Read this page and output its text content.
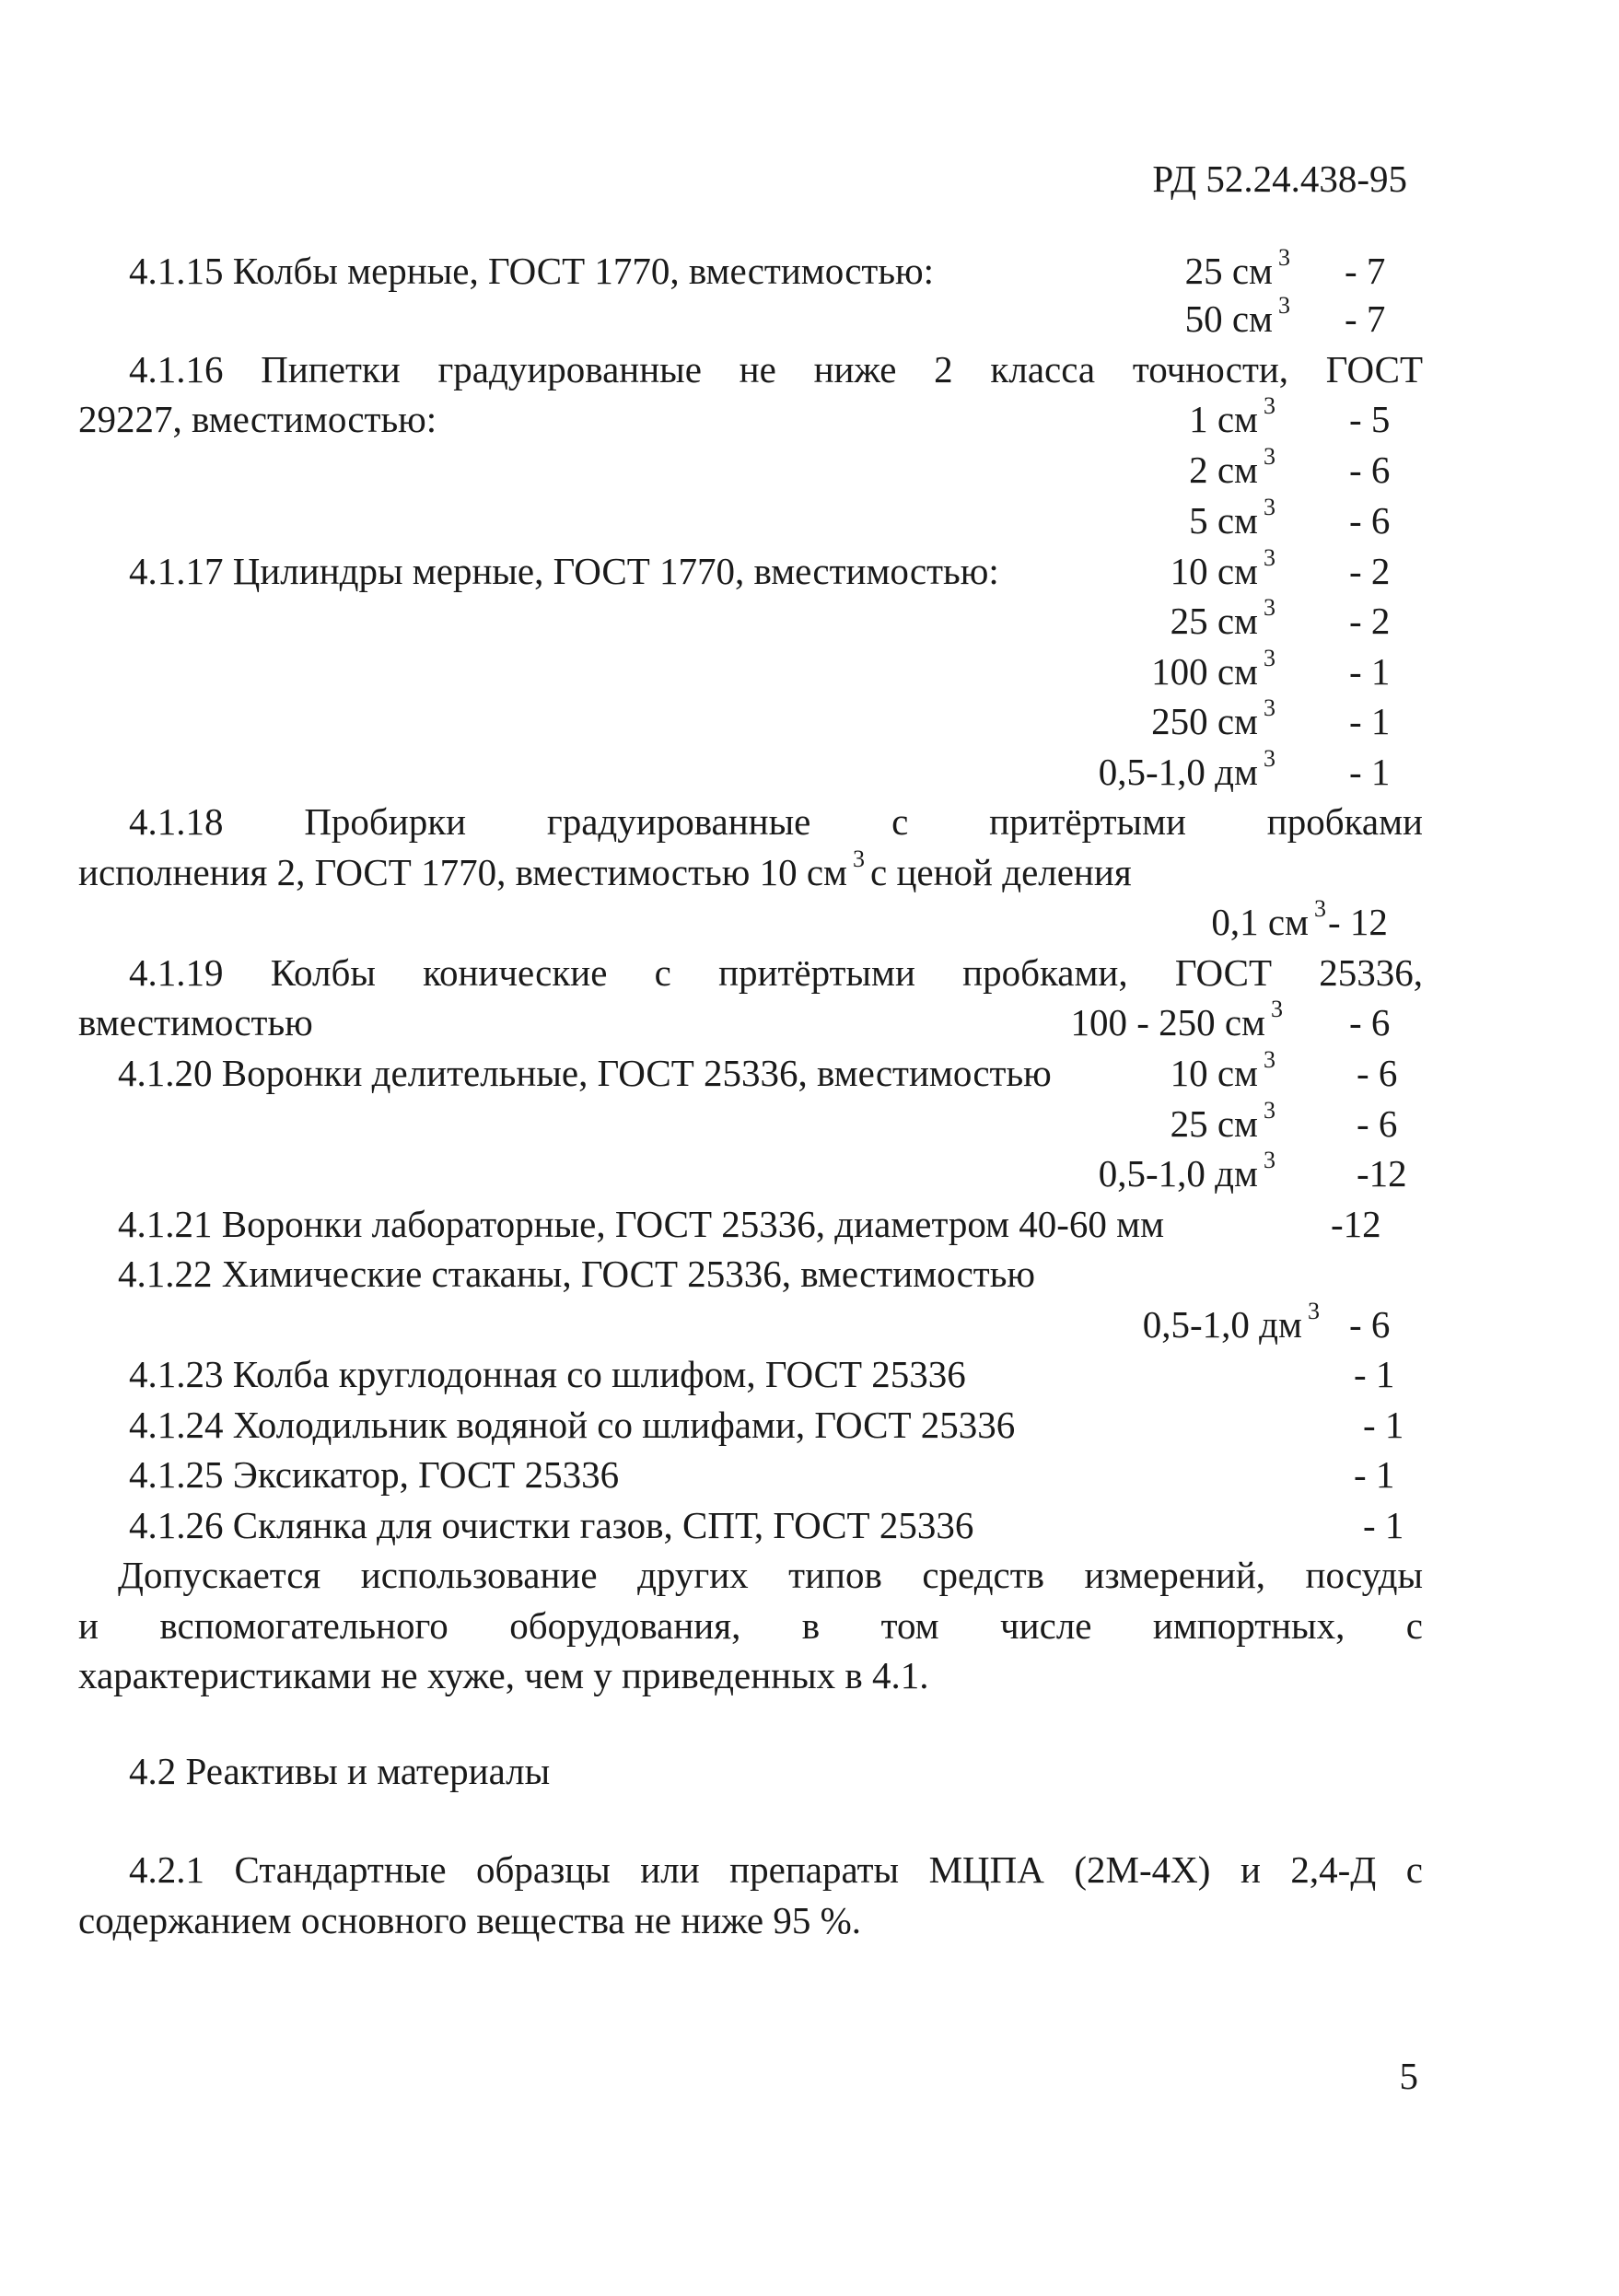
РД 52.24.438-95
4.1.15 Колбы мерные, ГОСТ 1770, вместимостью:	25 см $^3$ - 7
50 см $^3$ - 7
4.1.16 Пипетки градуированные не ниже 2 класса точности, ГОСТ
29227, вместимостью:	1 см $^3$ - 5
2 см $^3$ - 6
5 см $^3$ - 6
4.1.17 Цилиндры мерные, ГОСТ 1770, вместимостью:	10 см $^3$ - 2
25 см $^3$ - 2
100 см $^3$ - 1
250 см $^3$ - 1
0,5-1,0 дм $^3$ - 1
4.1.18 Пробирки градуированные с притёртыми пробками
исполнения 2, ГОСТ 1770, вместимостью 10 см $^3$ с ценой деления
0,1 см $^3$ - 12
4.1.19 Колбы конические с притёртыми пробками, ГОСТ 25336,
вместимостью	100 - 250 см $^3$ - 6
4.1.20 Воронки делительные, ГОСТ 25336, вместимостью	10 см $^3$ - 6
25 см $^3$ - 6
0,5-1,0 дм $^3$ -12
4.1.21 Воронки лабораторные, ГОСТ 25336, диаметром 40-60 мм	-12
4.1.22 Химические стаканы, ГОСТ 25336, вместимостью
0,5-1,0 дм $^3$ - 6
4.1.23 Колба круглодонная со шлифом, ГОСТ 25336	- 1
4.1.24 Холодильник водяной со шлифами, ГОСТ 25336	- 1
4.1.25 Эксикатор, ГОСТ 25336	- 1
4.1.26 Склянка для очистки газов, СПТ, ГОСТ 25336	- 1
Допускается использование других типов средств измерений, посуды
и вспомогательного оборудования, в том числе импортных, с
характеристиками не хуже, чем у приведенных в 4.1.
4.2 Реактивы и материалы
4.2.1 Стандартные образцы или препараты МЦПА (2М-4Х) и 2,4-Д с
содержанием основного вещества не ниже 95 %.
5
